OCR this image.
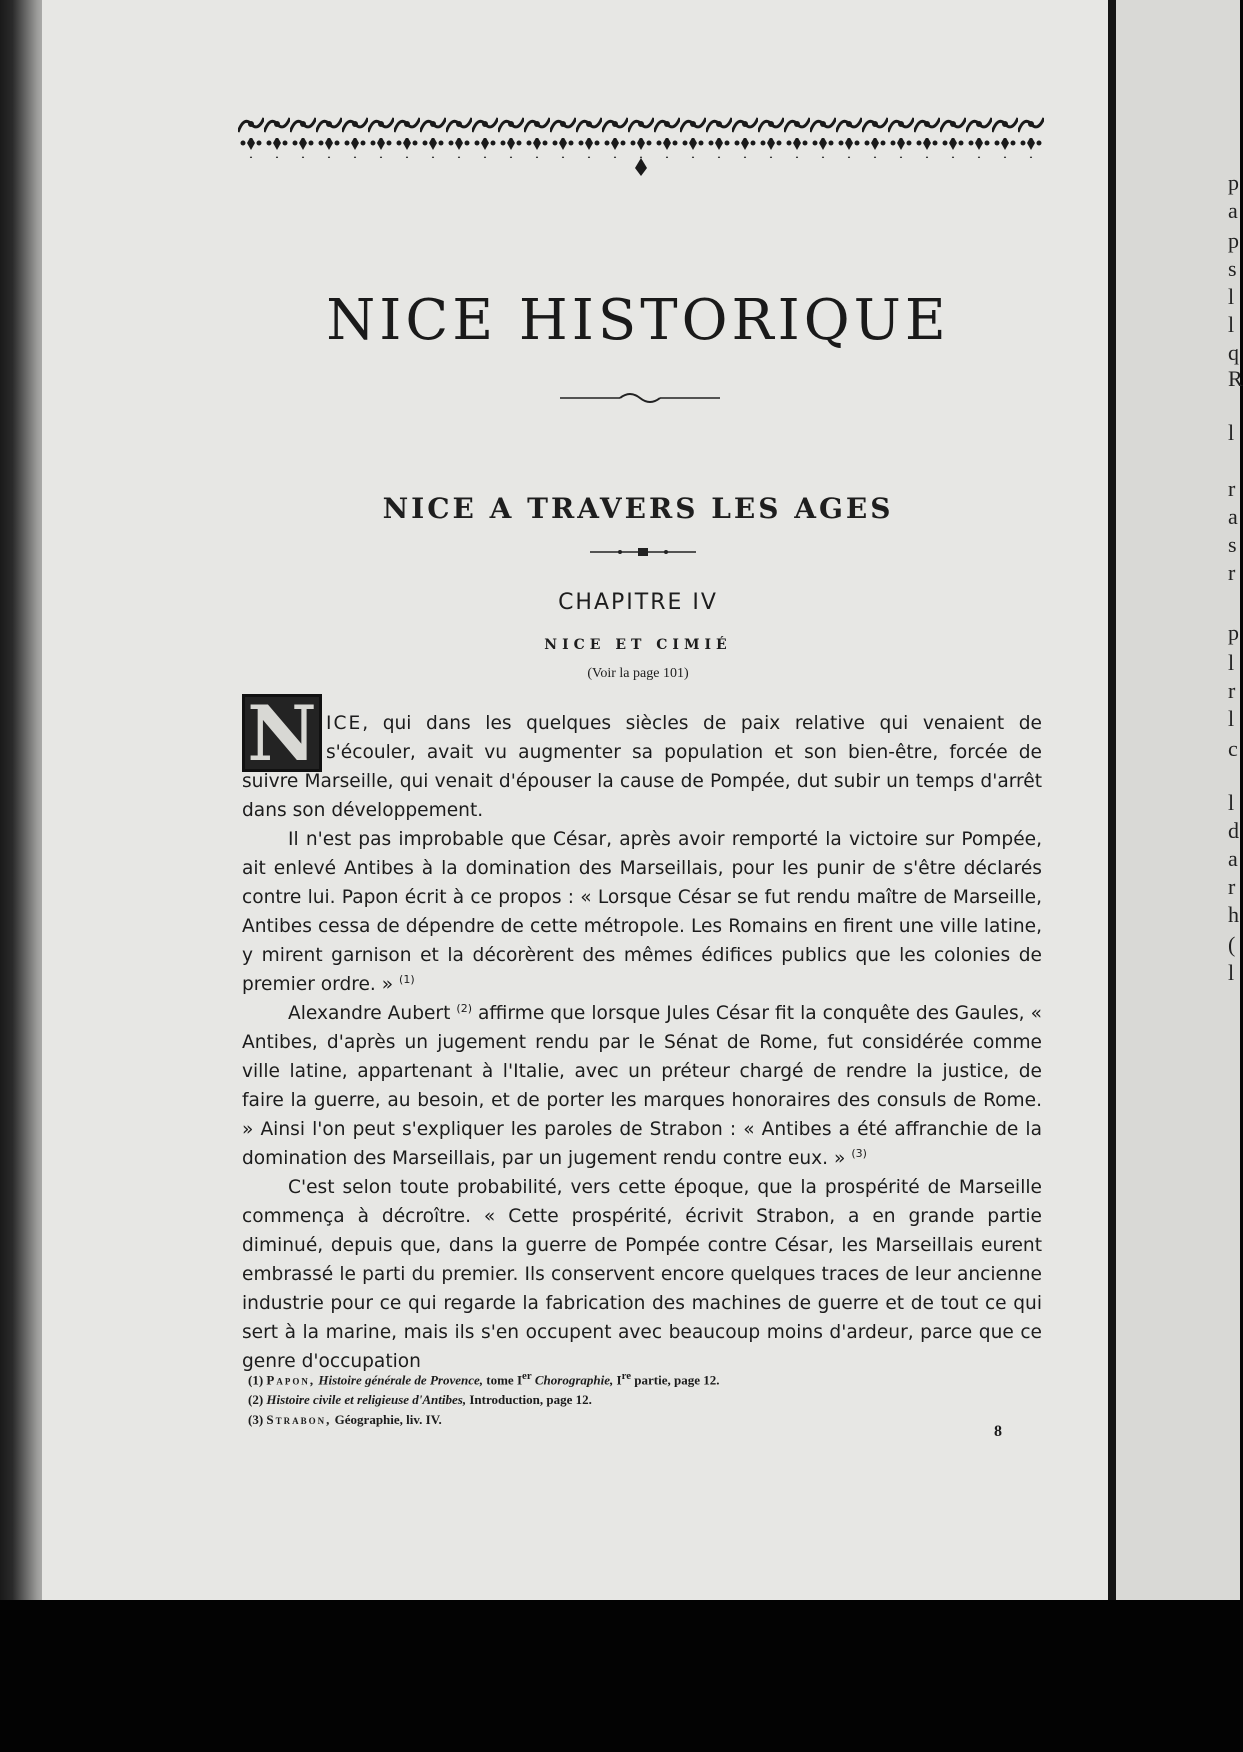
p
a
p
s
l
l
q
R
l
r
a
s
r
p
l
r
l
c
l
d
a
r
h
(
l
NICE HISTORIQUE
NICE A TRAVERS LES AGES
CHAPITRE IV
NICE ET CIMIÉ
(Voir la page 101)
N ICE, qui dans les quelques siècles de paix relative qui venaient de s'écouler, avait vu augmenter sa population et son bien-être, forcée de suivre Marseille, qui venait d'épouser la cause de Pompée, dut subir un temps d'arrêt dans son développement.

Il n'est pas improbable que César, après avoir remporté la victoire sur Pompée, ait enlevé Antibes à la domination des Marseillais, pour les punir de s'être déclarés contre lui. Papon écrit à ce propos : « Lorsque César se fut rendu maître de Marseille, Antibes cessa de dépendre de cette métropole. Les Romains en firent une ville latine, y mirent garnison et la décorèrent des mêmes édifices publics que les colonies de premier ordre. » $^{(1)}$

Alexandre Aubert $^{(2)}$ affirme que lorsque Jules César fit la conquête des Gaules, « Antibes, d'après un jugement rendu par le Sénat de Rome, fut considérée comme ville latine, appartenant à l'Italie, avec un préteur chargé de rendre la justice, de faire la guerre, au besoin, et de porter les marques honoraires des consuls de Rome. » Ainsi l'on peut s'expliquer les paroles de Strabon : « Antibes a été affranchie de la domination des Marseillais, par un jugement rendu contre eux. » $^{(3)}$

C'est selon toute probabilité, vers cette époque, que la prospérité de Marseille commença à décroître. « Cette prospérité, écrivit Strabon, a en grande partie diminué, depuis que, dans la guerre de Pompée contre César, les Marseillais eurent embrassé le parti du premier. Ils conservent encore quelques traces de leur ancienne industrie pour ce qui regarde la fabrication des machines de guerre et de tout ce qui sert à la marine, mais ils s'en occupent avec beaucoup moins d'ardeur, parce que ce genre d'occupation

(1) Papon, Histoire générale de Provence, tome Ier Chorographie, Ire partie, page 12.
(2) Histoire civile et religieuse d'Antibes, Introduction, page 12.
(3) Strabon, Géographie, liv. IV.
8
